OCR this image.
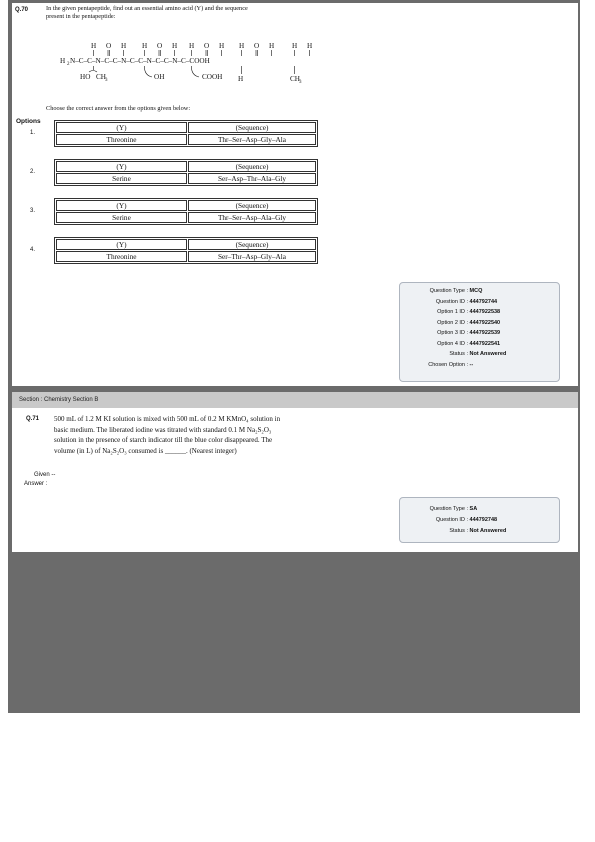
Q.70	In the given pentapeptide, find out an essential amino acid (Y) and the sequence
present in the pentapeptide:
H O H H O H H O H H O H H H
H 2 N–C–C–N–C–C–N–C–C–N–C–C–N–C–COOH
HO CH 3	OH	COOH H	CH 3
Choose the correct answer from the options given below:
Options
1.
(Y)	(Sequence)
Threonine	Thr–Ser–Asp–Gly–Ala
2.
(Y)	(Sequence)
Serine	Ser–Asp–Thr–Ala–Gly
3.
(Y)	(Sequence)
Serine	Thr–Ser–Asp–Ala–Gly
4.
(Y)	(Sequence)
Threonine	Ser–Thr–Asp–Gly–Ala
Question Type : MCQ
Question ID : 444792744
Option 1 ID : 4447922538
Option 2 ID : 4447922540
Option 3 ID : 4447922539
Option 4 ID : 4447922541
Status : Not Answered
Chosen Option : --
Section : Chemistry Section B
Q.71 500 mL of 1.2 M KI solution is mixed with 500 mL of 0.2 M KMnO₄ solution in
basic medium. The liberated iodine was titrated with standard 0.1 M Na₂S₂O₃
solution in the presence of starch indicator till the blue color disappeared. The
volume (in L) of Na₂S₂O₃ consumed is ______. (Nearest integer)
Given --
Answer :
Question Type : SA
Question ID : 444792748
Status : Not Answered
